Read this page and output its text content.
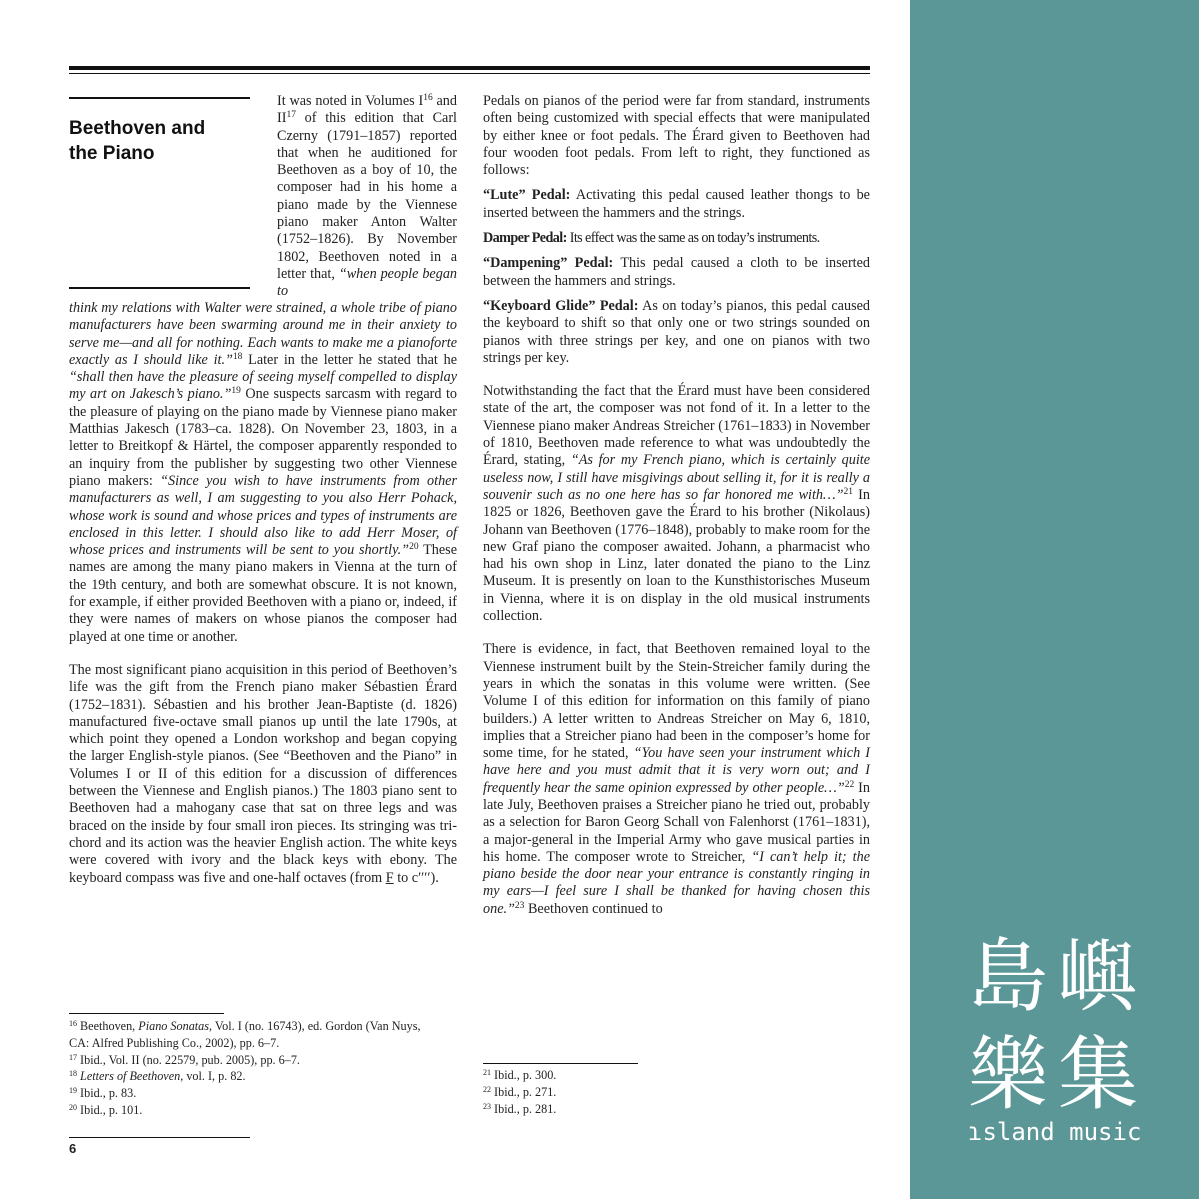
Beethoven and
the Piano

It was noted in Volumes $I^{16}$ and II$^{17}$ of this edition that Carl Czerny (1791–1857) reported that when he auditioned for Beethoven as a boy of 10, the composer had in his home a piano made by the Viennese piano maker Anton Walter (1752–1826). By November 1802, Beethoven noted in a letter that, “when people began to

think my relations with Walter were strained, a whole tribe of piano manufacturers have been swarming around me in their anxiety to serve me—and all for nothing. Each wants to make me a pianoforte exactly as I should like it.”$^{18}$ Later in the letter he stated that he “shall then have the pleasure of seeing myself compelled to display my art on Jakesch’s piano.”$^{19}$ One suspects sarcasm with regard to the pleasure of playing on the piano made by Viennese piano maker Matthias Jakesch (1783–ca. 1828). On November 23, 1803, in a letter to Breitkopf & Härtel, the composer apparently responded to an inquiry from the publisher by suggesting two other Viennese piano makers: “Since you wish to have instruments from other manufacturers as well, I am suggesting to you also Herr Pohack, whose work is sound and whose prices and types of instruments are enclosed in this letter. I should also like to add Herr Moser, of whose prices and instruments will be sent to you shortly.”$^{20}$ These names are among the many piano makers in Vienna at the turn of the 19th century, and both are somewhat obscure. It is not known, for example, if either provided Beethoven with a piano or, indeed, if they were names of makers on whose pianos the composer had played at one time or another.

The most significant piano acquisition in this period of Beethoven’s life was the gift from the French piano maker Sébastien Érard (1752–1831). Sébastien and his brother Jean-Baptiste (d. 1826) manufactured five-octave small pianos up until the late 1790s, at which point they opened a London workshop and began copying the larger English-style pianos. (See “Beethoven and the Piano” in Volumes I or II of this edition for a discussion of differences between the Viennese and English pianos.) The 1803 piano sent to Beethoven had a mahogany case that sat on three legs and was braced on the inside by four small iron pieces. Its stringing was tri-chord and its action was the heavier English action. The white keys were covered with ivory and the black keys with ebony. The keyboard compass was five and one-half octaves (from F to c′′′′).

Pedals on pianos of the period were far from standard, instruments often being customized with special effects that were manipulated by either knee or foot pedals. The Érard given to Beethoven had four wooden foot pedals. From left to right, they functioned as follows:

“Lute” Pedal: Activating this pedal caused leather thongs to be inserted between the hammers and the strings.

Damper Pedal: Its effect was the same as on today’s instruments.

“Dampening” Pedal: This pedal caused a cloth to be inserted between the hammers and strings.

“Keyboard Glide” Pedal: As on today’s pianos, this pedal caused the keyboard to shift so that only one or two strings sounded on pianos with three strings per key, and one on pianos with two strings per key.

Notwithstanding the fact that the Érard must have been considered state of the art, the composer was not fond of it. In a letter to the Viennese piano maker Andreas Streicher (1761–1833) in November of 1810, Beethoven made reference to what was undoubtedly the Érard, stating, “As for my French piano, which is certainly quite useless now, I still have misgivings about selling it, for it is really a souvenir such as no one here has so far honored me with…”$^{21}$ In 1825 or 1826, Beethoven gave the Érard to his brother (Nikolaus) Johann van Beethoven (1776–1848), probably to make room for the new Graf piano the composer awaited. Johann, a pharmacist who had his own shop in Linz, later donated the piano to the Linz Museum. It is presently on loan to the Kunsthistorisches Museum in Vienna, where it is on display in the old musical instruments collection.

There is evidence, in fact, that Beethoven remained loyal to the Viennese instrument built by the Stein-Streicher family during the years in which the sonatas in this volume were written. (See Volume I of this edition for information on this family of piano builders.) A letter written to Andreas Streicher on May 6, 1810, implies that a Streicher piano had been in the composer’s home for some time, for he stated, “You have seen your instrument which I have here and you must admit that it is very worn out; and I frequently hear the same opinion expressed by other people…”$^{22}$ In late July, Beethoven praises a Streicher piano he tried out, probably as a selection for Baron Georg Schall von Falenhorst (1761–1831), a major-general in the Imperial Army who gave musical parties in his home. The composer wrote to Streicher, “I can’t help it; the piano beside the door near your entrance is constantly ringing in my ears—I feel sure I shall be thanked for having chosen this one.”$^{23}$ Beethoven continued to

$^{16}$ Beethoven, Piano Sonatas, Vol. I (no. 16743), ed. Gordon (Van Nuys,
CA: Alfred Publishing Co., 2002), pp. 6–7.
$^{17}$ Ibid., Vol. II (no. 22579, pub. 2005), pp. 6–7.
$^{18}$ Letters of Beethoven, vol. I, p. 82.
$^{19}$ Ibid., p. 83.
$^{20}$ Ibid., p. 101.
$^{21}$ Ibid., p. 300.
$^{22}$ Ibid., p. 271.
$^{23}$ Ibid., p. 281.
6
島嶼樂集
ɿsland music
